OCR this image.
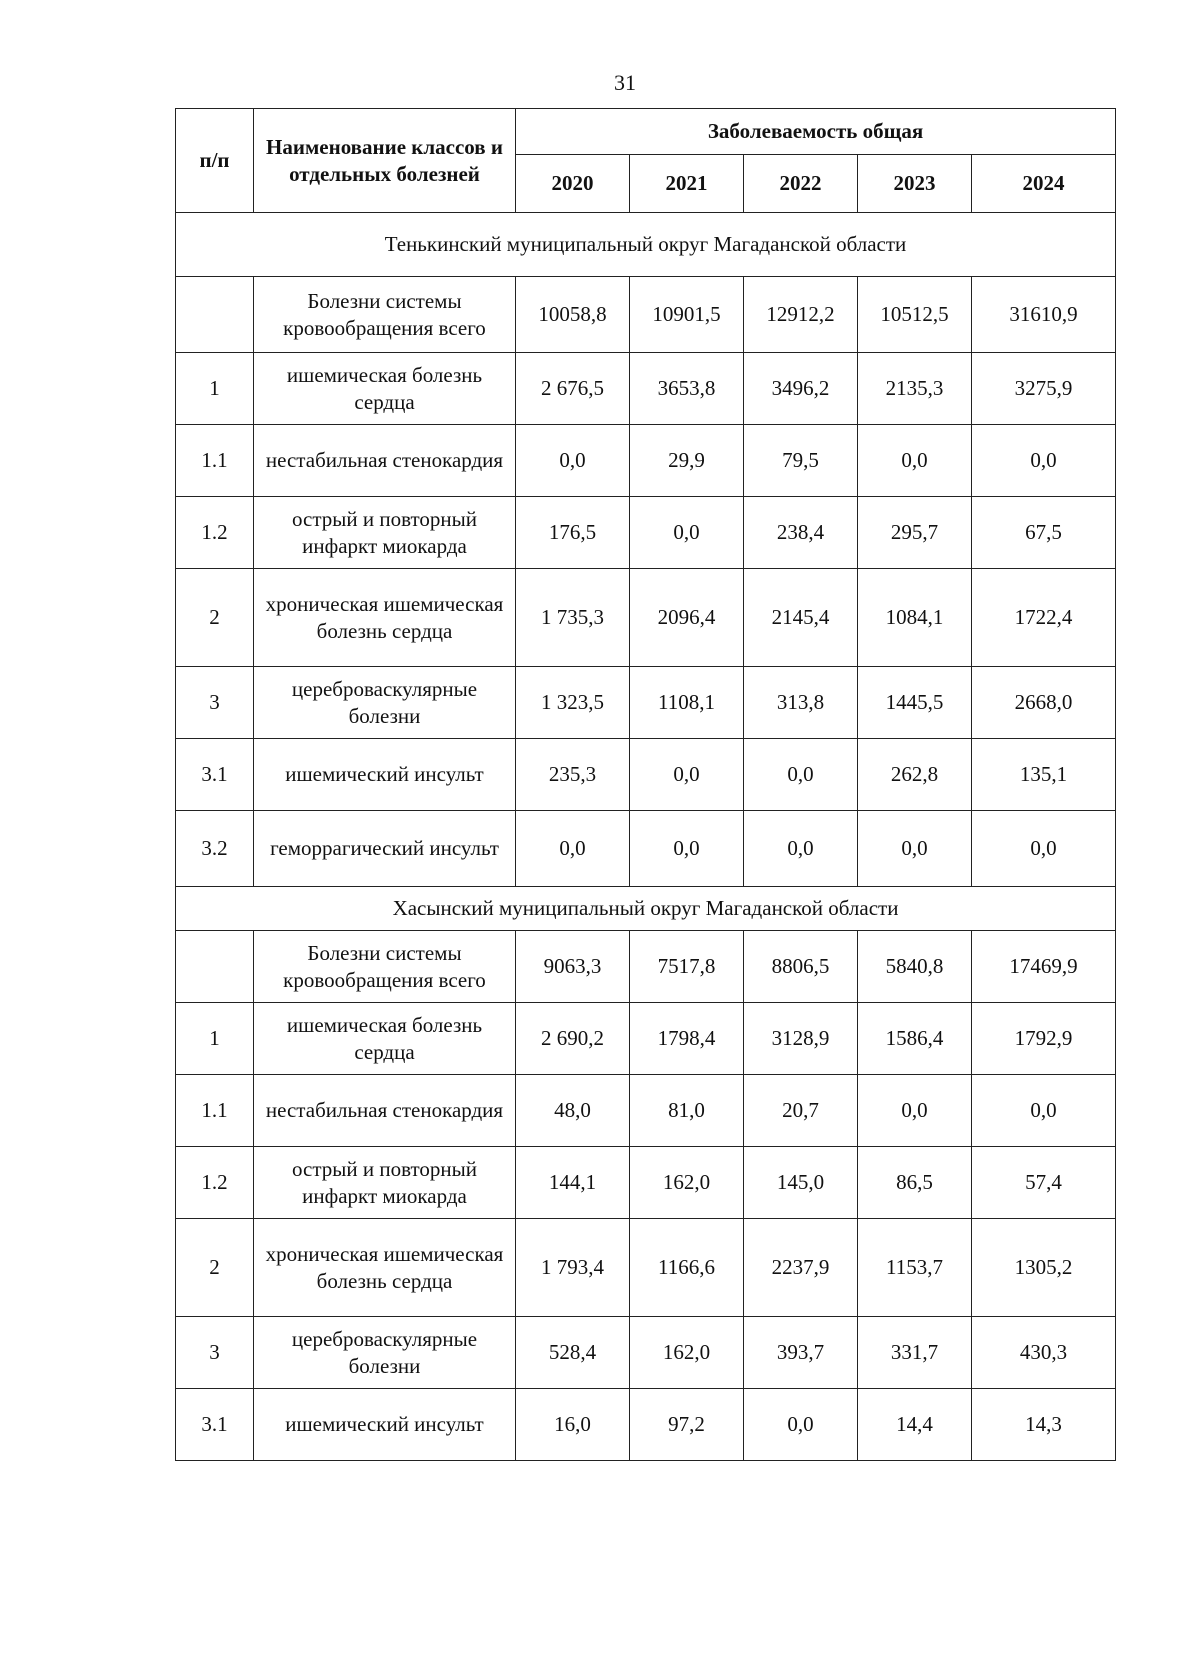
31
п/п	Наименование классов и отдельных болезней	Заболеваемость общая				
		2020	2021	2022	2023	2024
Тенькинский муниципальный округ Магаданской области						
	Болезни системы кровообращения всего	10058,8	10901,5	12912,2	10512,5	31610,9
1	ишемическая болезнь сердца	2 676,5	3653,8	3496,2	2135,3	3275,9
1.1	нестабильная стенокардия	0,0	29,9	79,5	0,0	0,0
1.2	острый и повторный инфаркт миокарда	176,5	0,0	238,4	295,7	67,5
2	хроническая ишемическая болезнь сердца	1 735,3	2096,4	2145,4	1084,1	1722,4
3	цереброваскулярные болезни	1 323,5	1108,1	313,8	1445,5	2668,0
3.1	ишемический инсульт	235,3	0,0	0,0	262,8	135,1
3.2	геморрагический инсульт	0,0	0,0	0,0	0,0	0,0
Хасынский муниципальный округ Магаданской области						
	Болезни системы кровообращения всего	9063,3	7517,8	8806,5	5840,8	17469,9
1	ишемическая болезнь сердца	2 690,2	1798,4	3128,9	1586,4	1792,9
1.1	нестабильная стенокардия	48,0	81,0	20,7	0,0	0,0
1.2	острый и повторный инфаркт миокарда	144,1	162,0	145,0	86,5	57,4
2	хроническая ишемическая болезнь сердца	1 793,4	1166,6	2237,9	1153,7	1305,2
3	цереброваскулярные болезни	528,4	162,0	393,7	331,7	430,3
3.1	ишемический инсульт	16,0	97,2	0,0	14,4	14,3
